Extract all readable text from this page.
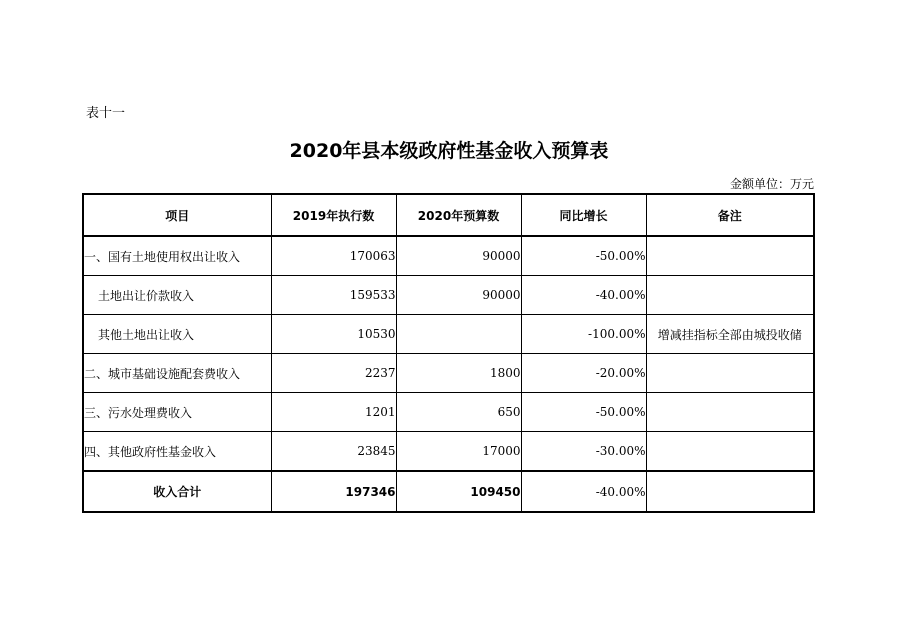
表十一
2020年县本级政府性基金收入预算表
金额单位：万元
项目	2019年执行数	2020年预算数	同比增长	备注
一、国有土地使用权出让收入	170063	90000	-50.00%	
土地出让价款收入	159533	90000	-40.00%	
其他土地出让收入	10530		-100.00%	增减挂指标全部由城投收储
二、城市基础设施配套费收入	2237	1800	-20.00%	
三、污水处理费收入	1201	650	-50.00%	
四、其他政府性基金收入	23845	17000	-30.00%	
收入合计	197346	109450	-40.00%	
